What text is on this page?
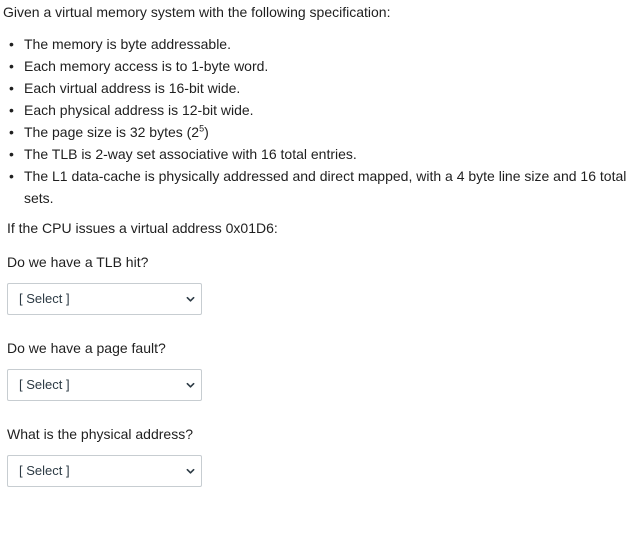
Given a virtual memory system with the following specification:

• The memory is byte addressable.
• Each memory access is to 1-byte word.
• Each virtual address is 16-bit wide.
• Each physical address is 12-bit wide.
• The page size is 32 bytes $(2^5)$
• The TLB is 2-way set associative with 16 total entries.
• The L1 data-cache is physically addressed and direct mapped, with a 4 byte line size and 16 total sets.

If the CPU issues a virtual address 0x01D6:

Do we have a TLB hit?

[ Select ]

Do we have a page fault?

[ Select ]

What is the physical address?

[ Select ]
